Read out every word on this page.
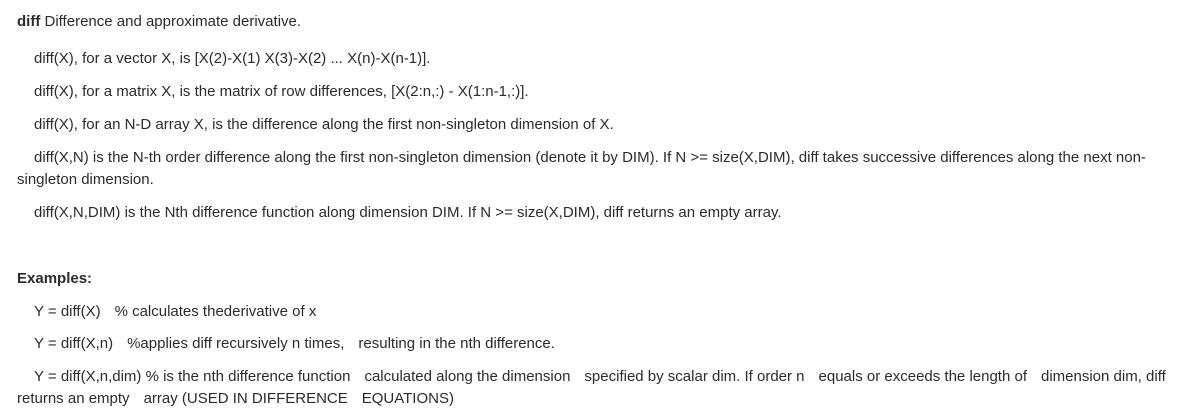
diff Difference and approximate derivative.
diff(X), for a vector X, is [X(2)-X(1) X(3)-X(2) ... X(n)-X(n-1)].
diff(X), for a matrix X, is the matrix of row differences, [X(2:n,:) - X(1:n-1,:)].
diff(X), for an N-D array X, is the difference along the first non-singleton dimension of X.
diff(X,N) is the N-th order difference along the first non-singleton dimension (denote it by DIM). If N >= size(X,DIM), diff takes successive differences along the next non-
singleton dimension.
diff(X,N,DIM) is the Nth difference function along dimension DIM. If N >= size(X,DIM), diff returns an empty array.
Examples:
Y = diff(X) % calculates thederivative of x
Y = diff(X,n) %applies diff recursively n times, resulting in the nth difference.
Y = diff(X,n,dim) % is the nth difference function calculated along the dimension specified by scalar dim. If order n equals or exceeds the length of dimension dim, diff
returns an empty array (USED IN DIFFERENCE EQUATIONS)
